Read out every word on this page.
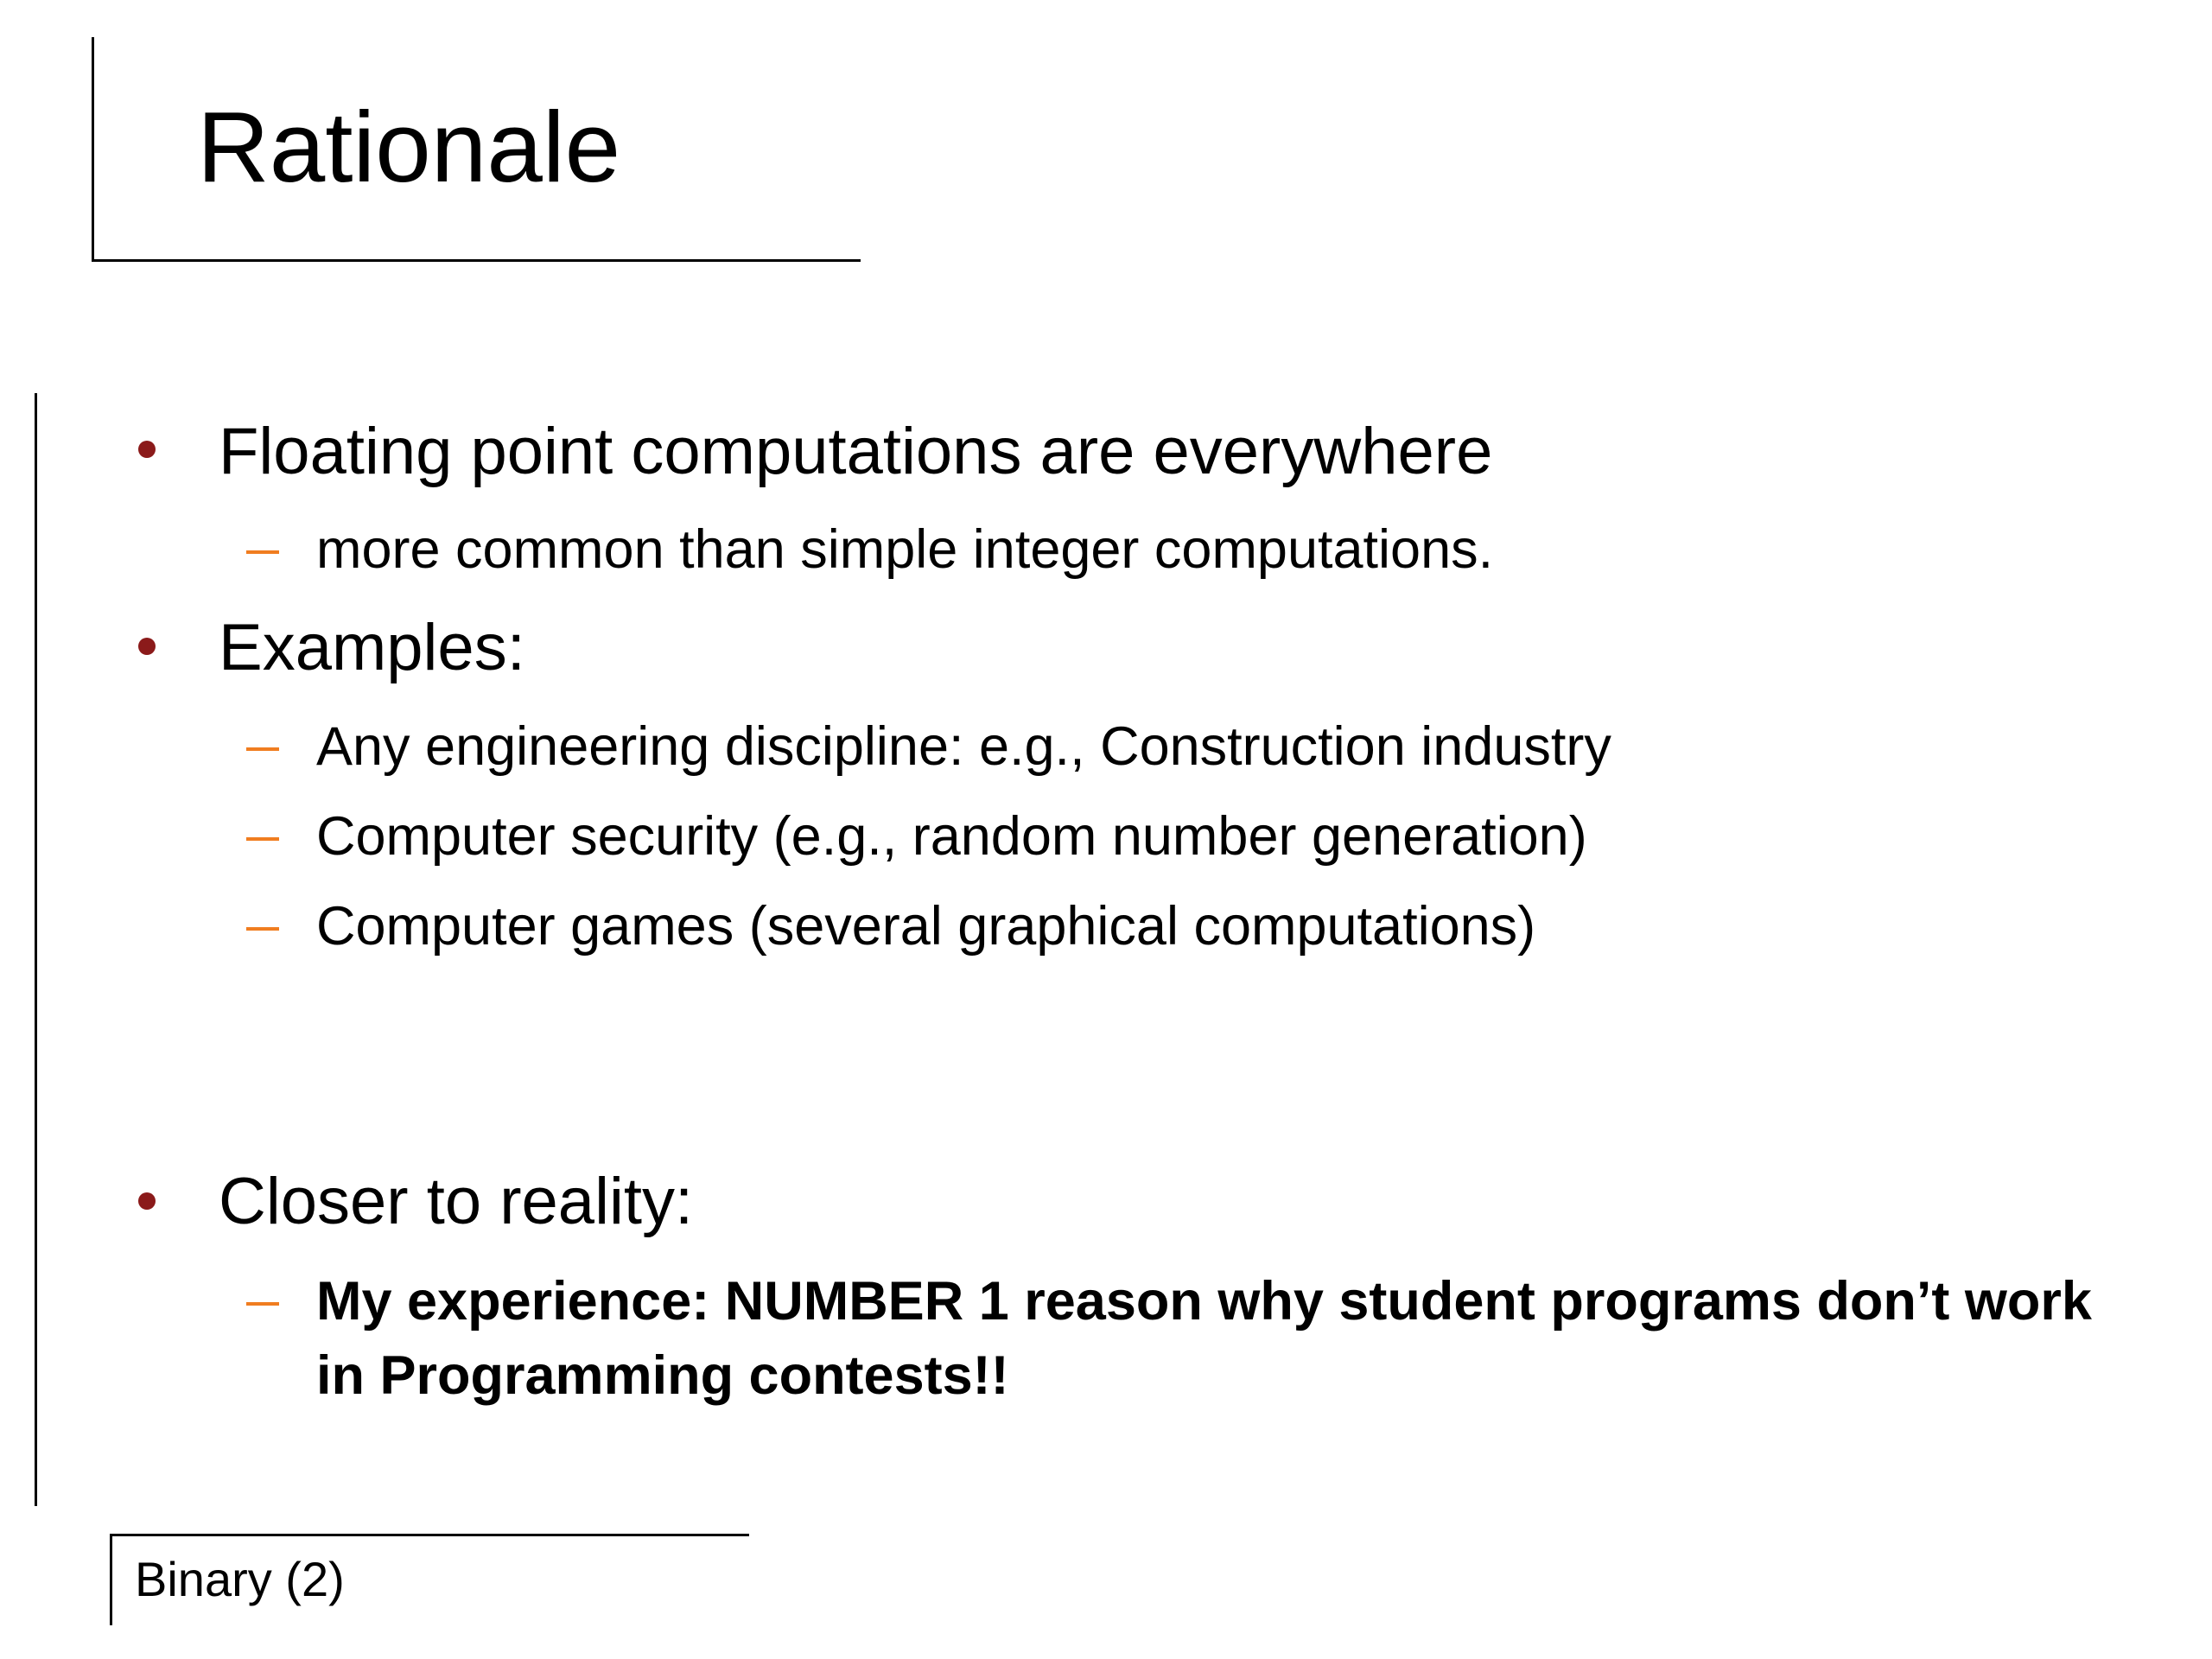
Rationale
Floating point computations are everywhere
more common than simple integer computations.
Examples:
Any engineering discipline: e.g., Construction industry
Computer security (e.g., random number generation)
Computer games (several graphical computations)
Closer to reality:
My experience: NUMBER 1 reason why student programs don’t work
in Programming contests!!
Binary (2)
